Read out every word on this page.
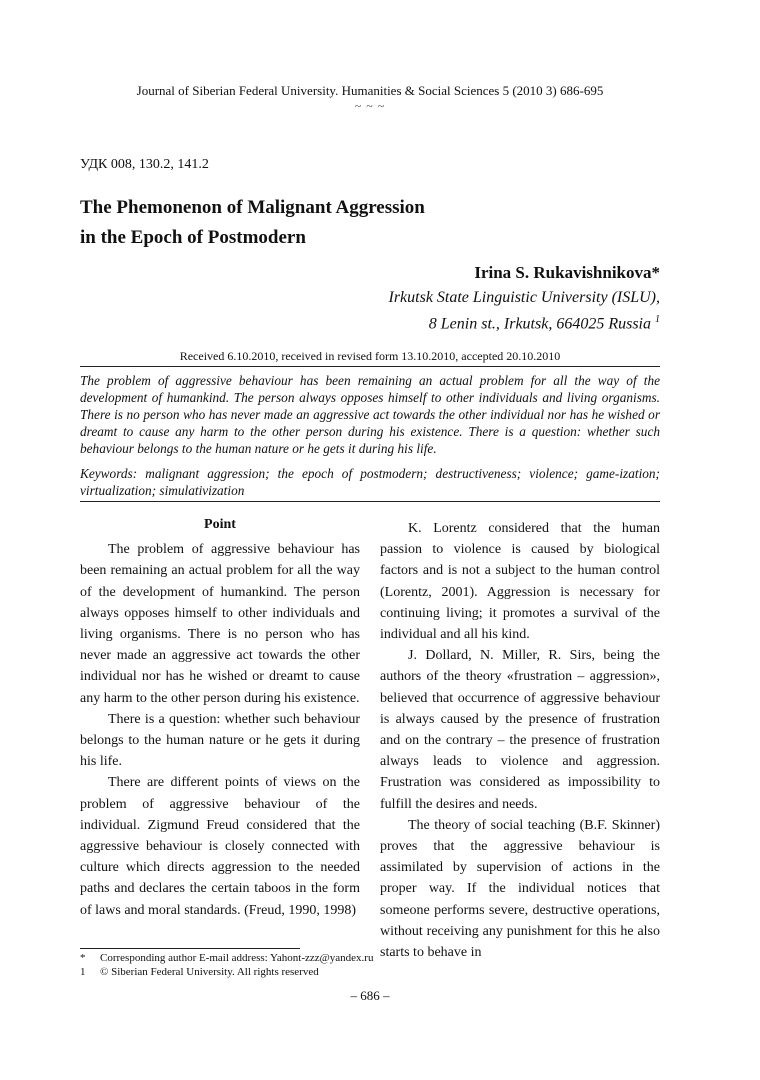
Journal of Siberian Federal University. Humanities & Social Sciences 5 (2010 3) 686-695
~ ~ ~
УДК 008, 130.2, 141.2
The Phemonenon of Malignant Aggression
in the Epoch of Postmodern
Irina S. Rukavishnikova*
Irkutsk State Linguistic University (ISLU),
8 Lenin st., Irkutsk, 664025 Russia $^1$
Received 6.10.2010, received in revised form 13.10.2010, accepted 20.10.2010

The problem of aggressive behaviour has been remaining an actual problem for all the way of the development of humankind. The person always opposes himself to other individuals and living organisms. There is no person who has never made an aggressive act towards the other individual nor has he wished or dreamt to cause any harm to the other person during his existence. There is a question: whether such behaviour belongs to the human nature or he gets it during his life.

Keywords: malignant aggression; the epoch of postmodern; destructiveness; violence; game-ization; virtualization; simulativization

Point

The problem of aggressive behaviour has been remaining an actual problem for all the way of the development of humankind. The person always opposes himself to other individuals and living organisms. There is no person who has never made an aggressive act towards the other individual nor has he wished or dreamt to cause any harm to the other person during his existence.

There is a question: whether such behaviour belongs to the human nature or he gets it during his life.

There are different points of views on the problem of aggressive behaviour of the individual. Zigmund Freud considered that the aggressive behaviour is closely connected with culture which directs aggression to the needed paths and declares the certain taboos in the form of laws and moral standards. (Freud, 1990, 1998)

K. Lorentz considered that the human passion to violence is caused by biological factors and is not a subject to the human control (Lorentz, 2001). Aggression is necessary for continuing living; it promotes a survival of the individual and all his kind.

J. Dollard, N. Miller, R. Sirs, being the authors of the theory «frustration – aggression», believed that occurrence of aggressive behaviour is always caused by the presence of frustration and on the contrary – the presence of frustration always leads to violence and aggression. Frustration was considered as impossibility to fulfill the desires and needs.

The theory of social teaching (B.F. Skinner) proves that the aggressive behaviour is assimilated by supervision of actions in the proper way. If the individual notices that someone performs severe, destructive operations, without receiving any punishment for this he also starts to behave in

* Corresponding author E-mail address: Yahont-zzz@yandex.ru
1 © Siberian Federal University. All rights reserved
– 686 –
